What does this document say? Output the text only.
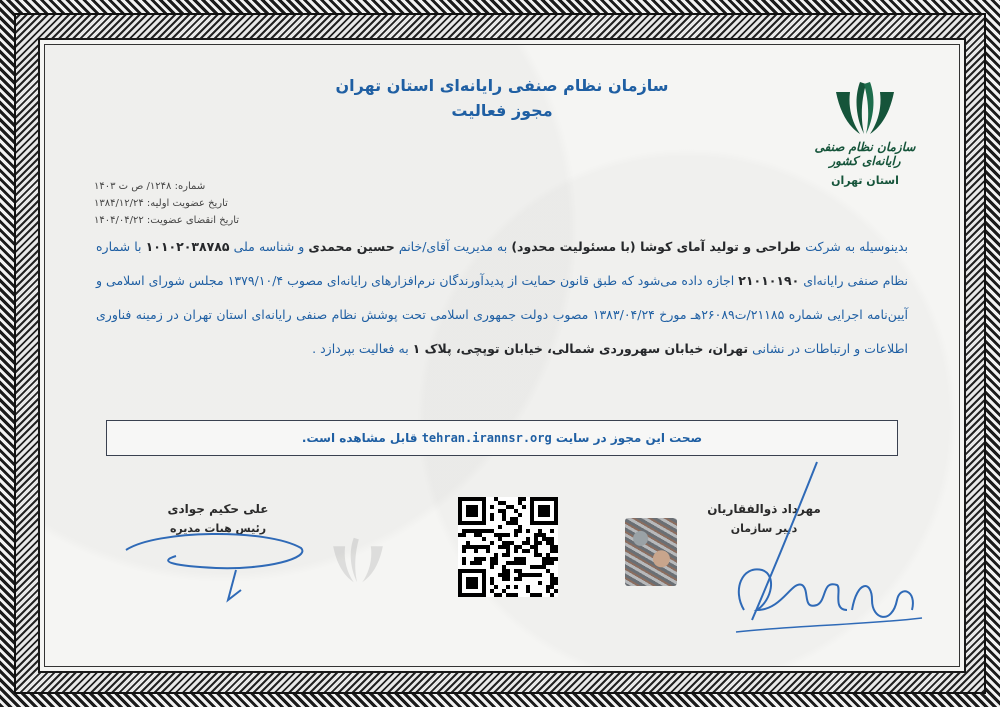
سازمان نظام صنفی رایانه‌ای استان تهران
مجوز فعالیت
سازمان نظام صنفی رایانه‌ای کشور
استان تهران
شماره: ۱۲۴۸/ ص ت ۱۴۰۳
تاریخ عضویت اولیه: ۱۳۸۴/۱۲/۲۴
تاریخ انقضای عضویت: ۱۴۰۴/۰۴/۲۲
بدینوسیله به شرکت طراحی و تولید آمای کوشا (با مسئولیت محدود) به مدیریت آقای/خانم حسین محمدی و شناسه ملی ۱۰۱۰۲۰۳۸۷۸۵ با شماره نظام صنفی رایانه‌ای ۲۱۰۱۰۱۹۰ اجازه داده می‌شود که طبق قانون حمایت از پدیدآورندگان نرم‌افزارهای رایانه‌ای مصوب ۱۳۷۹/۱۰/۴ مجلس شورای اسلامی و آیین‌نامه اجرایی شماره ۲۱۱۸۵/ت۲۶۰۸۹هـ مورخ ۱۳۸۳/۰۴/۲۴ مصوب دولت جمهوری اسلامی تحت پوشش نظام صنفی رایانه‌ای استان تهران در زمینه فناوری اطلاعات و ارتباطات در نشانی تهران، خیابان سهروردی شمالی، خیابان توپچی، پلاک ۱ به فعالیت بپردازد .
صحت این مجوز در سایت tehran.irannsr.org قابل مشاهده است.
علی حکیم جوادی
رئیس هیات مدیره
مهرداد ذوالفقاریان
دبیر سازمان
